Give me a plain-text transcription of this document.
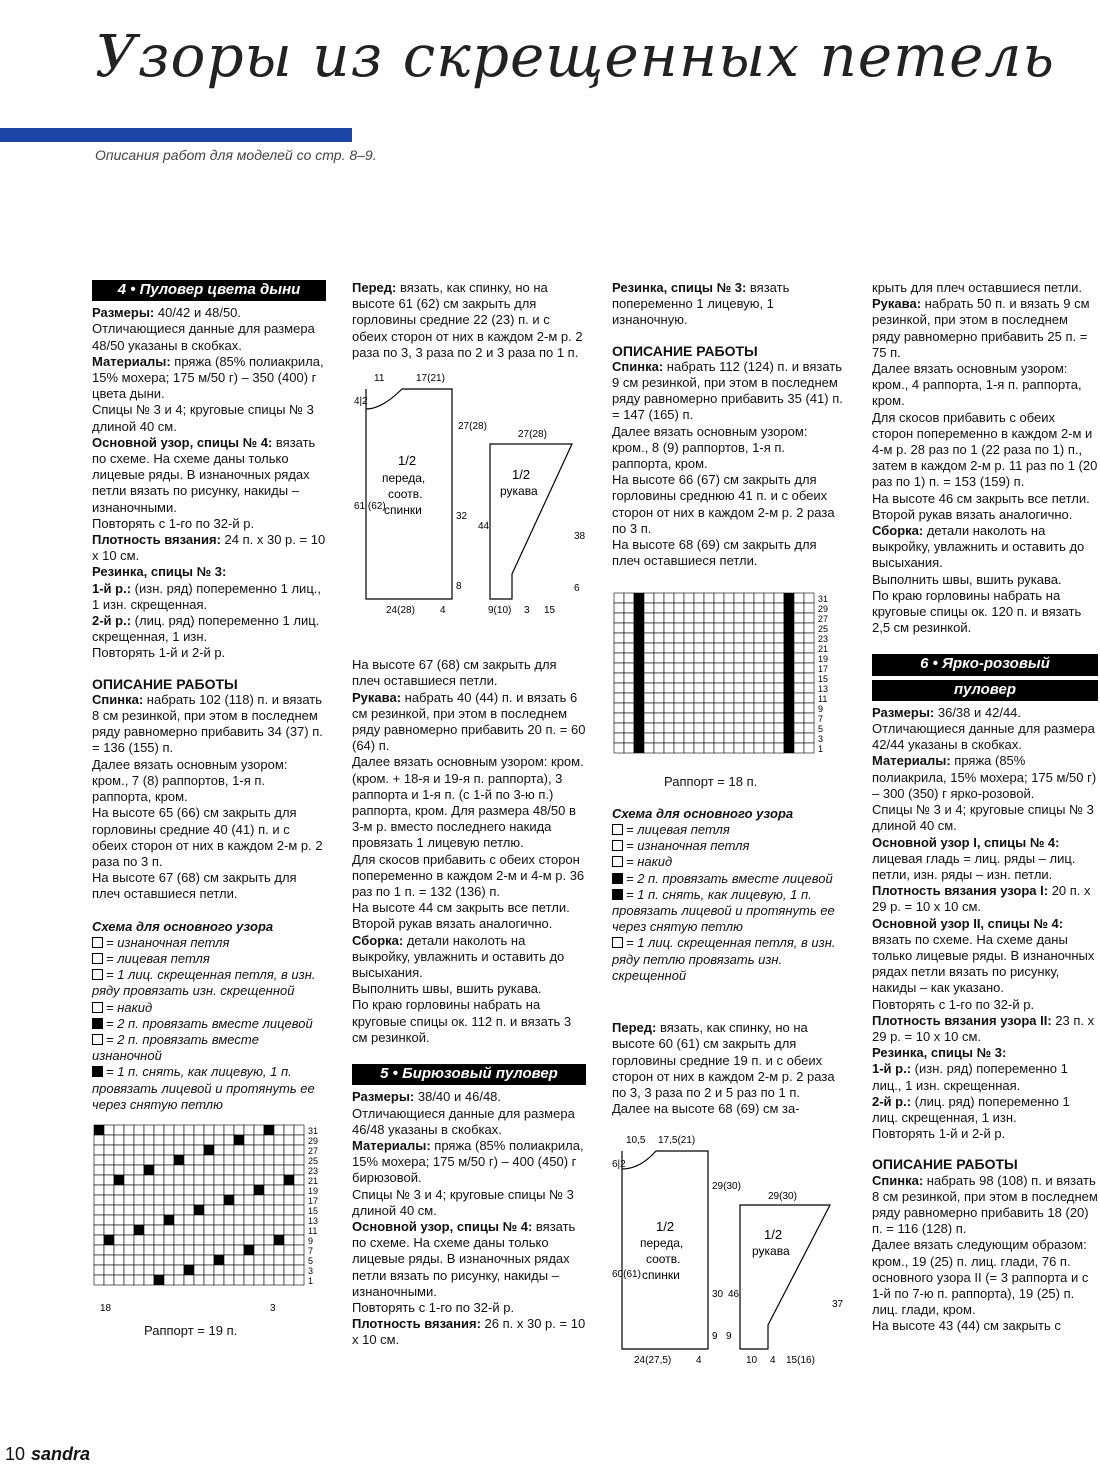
Узоры из скрещенных петель
Описания работ для моделей со стр. 8–9.
4 • Пуловер цвета дыни

Размеры: 40/42 и 48/50.

Отличающиеся данные для размера 48/50 указаны в скобках.

Материалы: пряжа (85% полиакрила, 15% мохера; 175 м/50 г) – 350 (400) г цвета дыни.

Спицы № 3 и 4; круговые спицы № 3 длиной 40 см.

Основной узор, спицы № 4: вязать по схеме. На схеме даны только лицевые ряды. В изнаночных рядах петли вязать по рисунку, накиды – изнаночными.

Повторять с 1-го по 32-й р.

Плотность вязания: 24 п. х 30 р. = 10 х 10 см.

Резинка, спицы № 3:

1-й р.: (изн. ряд) попеременно 1 лиц., 1 изн. скрещенная.

2-й р.: (лиц. ряд) попеременно 1 лиц. скрещенная, 1 изн.

Повторять 1-й и 2-й р.

ОПИСАНИЕ РАБОТЫ

Спинка: набрать 102 (118) п. и вязать 8 см резинкой, при этом в последнем ряду равномерно прибавить 34 (37) п. = 136 (155) п.

Далее вязать основным узором: кром., 7 (8) раппортов, 1-я п. раппорта, кром.

На высоте 65 (66) см закрыть для горловины средние 40 (41) п. и с обеих сторон от них в каждом 2-м р. 2 раза по 3 п.

На высоте 67 (68) см закрыть для плеч оставшиеся петли.

Схема для основного узора

= изнаночная петля

= лицевая петля

= 1 лиц. скрещенная петля, в изн. ряду провязать изн. скрещенной

= накид

= 2 п. провязать вместе лицевой

= 2 п. провязать вместе изнаночной

= 1 п. снять, как лицевую, 1 п. провязать лицевой и протянуть ее через снятую петлю

31
29
27
25
23
21
19
17
15
13
11
9
7
5
3
1
18	3

Раппорт = 19 п.

Перед: вязать, как спинку, но на высоте 61 (62) см закрыть для горловины средние 22 (23) п. и с обеих сторон от них в каждом 2-м р. 2 раза по 3, 3 раза по 2 и 3 раза по 1 п.

11	17(21)
4|2
27(28)
61 (62)
1/2
переда,
соотв.
спинки	32
8
24(28)	4
27(28)
1/2
рукава
44
38
6
9(10) 3 15

На высоте 67 (68) см закрыть для плеч оставшиеся петли.

Рукава: набрать 40 (44) п. и вязать 6 см резинкой, при этом в последнем ряду равномерно прибавить 20 п. = 60 (64) п.

Далее вязать основным узором: кром. (кром. + 18-я и 19-я п. раппорта), 3 раппорта и 1-я п. (с 1-й по 3-ю п.) раппорта, кром. Для размера 48/50 в 3-м р. вместо последнего накида провязать 1 лицевую петлю.

Для скосов прибавить с обеих сторон попеременно в каждом 2-м и 4-м р. 36 раз по 1 п. = 132 (136) п.

На высоте 44 см закрыть все петли.

Второй рукав вязать аналогично.

Сборка: детали наколоть на выкройку, увлажнить и оставить до высыхания.

Выполнить швы, вшить рукава.

По краю горловины набрать на круговые спицы ок. 112 п. и вязать 3 см резинкой.

5 • Бирюзовый пуловер

Размеры: 38/40 и 46/48.

Отличающиеся данные для размера 46/48 указаны в скобках.

Материалы: пряжа (85% полиакрила, 15% мохера; 175 м/50 г) – 400 (450) г бирюзовой.

Спицы № 3 и 4; круговые спицы № 3 длиной 40 см.

Основной узор, спицы № 4: вязать по схеме. На схеме даны только лицевые ряды. В изнаночных рядах петли вязать по рисунку, накиды – изнаночными.

Повторять с 1-го по 32-й р.

Плотность вязания: 26 п. х 30 р. = 10 х 10 см.

Резинка, спицы № 3: вязать попеременно 1 лицевую, 1 изнаночную.

ОПИСАНИЕ РАБОТЫ

Спинка: набрать 112 (124) п. и вязать 9 см резинкой, при этом в последнем ряду равномерно прибавить 35 (41) п. = 147 (165) п.

Далее вязать основным узором: кром., 8 (9) раппортов, 1-я п. раппорта, кром.

На высоте 66 (67) см закрыть для горловины среднюю 41 п. и с обеих сторон от них в каждом 2-м р. 2 раза по 3 п.

На высоте 68 (69) см закрыть для плеч оставшиеся петли.

31
29
27
25
23
21
19
17
15
13
11
9
7
5
3
1

Раппорт = 18 п.

Схема для основного узора

= лицевая петля

= изнаночная петля

= накид

= 2 п. провязать вместе лицевой

= 1 п. снять, как лицевую, 1 п. провязать лицевой и протянуть ее через снятую петлю

= 1 лиц. скрещенная петля, в изн. ряду петлю провязать изн. скрещенной

Перед: вязать, как спинку, но на высоте 60 (61) см закрыть для горловины средние 19 п. и с обеих сторон от них в каждом 2-м р. 2 раза по 3, 3 раза по 2 и 5 раз по 1 п.

Далее на высоте 68 (69) см за-

10,5 17,5(21)
6|2
29(30)
60(61)
1/2
переда,
соотв.
спинки
30
9
24(27,5) 4
29(30)
1/2
рукава
46
37
9
10 4 15(16)

крыть для плеч оставшиеся петли.

Рукава: набрать 50 п. и вязать 9 см резинкой, при этом в последнем ряду равномерно прибавить 25 п. = 75 п.

Далее вязать основным узором: кром., 4 раппорта, 1-я п. раппорта, кром.

Для скосов прибавить с обеих сторон попеременно в каждом 2-м и 4-м р. 28 раз по 1 (22 раза по 1) п., затем в каждом 2-м р. 11 раз по 1 (20 раз по 1) п. = 153 (159) п.

На высоте 46 см закрыть все петли.

Второй рукав вязать аналогично.

Сборка: детали наколоть на выкройку, увлажнить и оставить до высыхания.

Выполнить швы, вшить рукава.

По краю горловины набрать на круговые спицы ок. 120 п. и вязать 2,5 см резинкой.

6 • Ярко-розовый
пуловер

Размеры: 36/38 и 42/44.

Отличающиеся данные для размера 42/44 указаны в скобках.

Материалы: пряжа (85% полиакрила, 15% мохера; 175 м/50 г) – 300 (350) г ярко-розовой.

Спицы № 3 и 4; круговые спицы № 3 длиной 40 см.

Основной узор I, спицы № 4: лицевая гладь = лиц. ряды – лиц. петли, изн. ряды – изн. петли.

Плотность вязания узора I: 20 п. х 29 р. = 10 х 10 см.

Основной узор II, спицы № 4: вязать по схеме. На схеме даны только лицевые ряды. В изнаночных рядах петли вязать по рисунку, накиды – как указано.

Повторять с 1-го по 32-й р.

Плотность вязания узора II: 23 п. х 29 р. = 10 х 10 см.

Резинка, спицы № 3:

1-й р.: (изн. ряд) попеременно 1 лиц., 1 изн. скрещенная.

2-й р.: (лиц. ряд) попеременно 1 лиц. скрещенная, 1 изн.

Повторять 1-й и 2-й р.

ОПИСАНИЕ РАБОТЫ

Спинка: набрать 98 (108) п. и вязать 8 см резинкой, при этом в последнем ряду равномерно прибавить 18 (20) п. = 116 (128) п.

Далее вязать следующим образом: кром., 19 (25) п. лиц. глади, 76 п. основного узора II (= 3 раппорта и с 1-й по 7-ю п. раппорта), 19 (25) п. лиц. глади, кром.

На высоте 43 (44) см закрыть с

10 sandra
